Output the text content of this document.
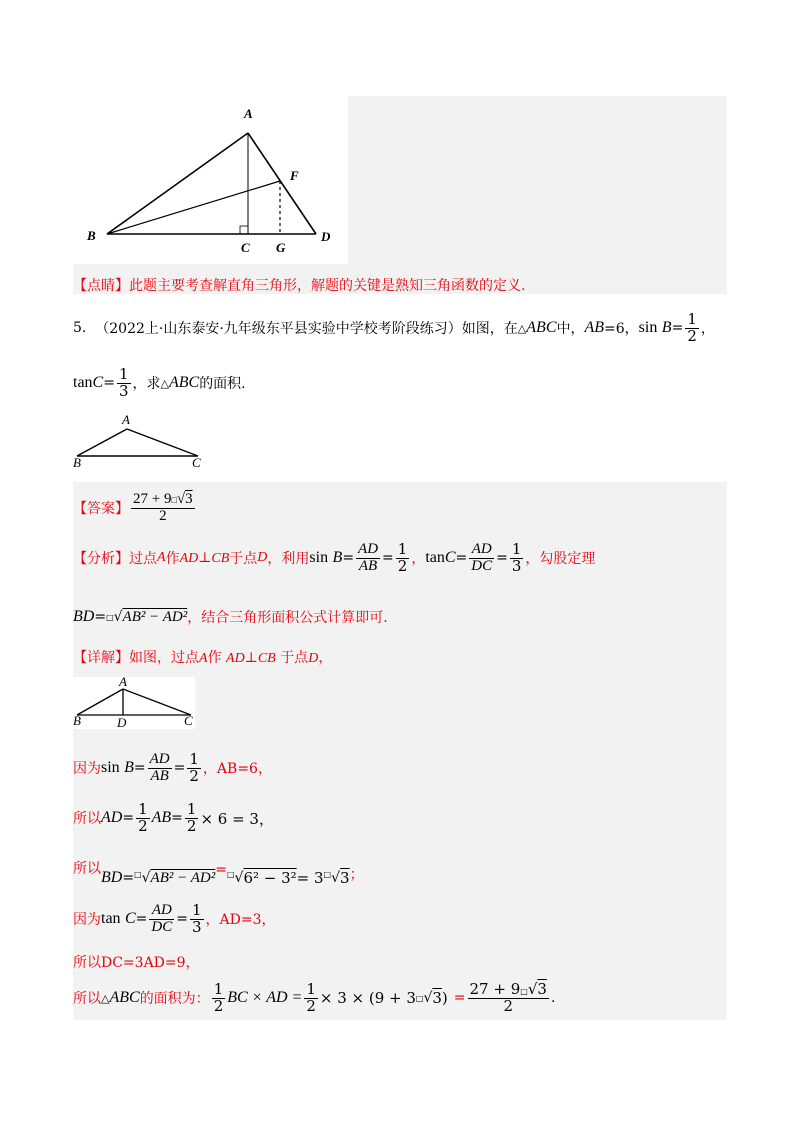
A
F
B
C G
D
【点睛】此题主要考查解直角三角形，解题的关键是熟知三角函数的定义.
5.
（2022上·山东泰安·九年级东平县实验中学校考阶段练习）如图，在 △ ABC 中， AB =6， sin
$B = \frac{1}{2}$ ，
$\tan C = \frac{1}{3}$ ，求 △ ABC 的面积.
A
B	C
【答案】 $\frac{27 + 9□√3}{2}$
【分析】 过点 A 作 AD⊥CB 于点 D ，利用 sin
$B = \frac{AD}{AB} = \frac{1}{2}$ ， $\tan C = \frac{AD}{DC} = \frac{1}{3}$ ，勾股定理
BD = □ √ AB² − AD² ，结合三角形面积公式计算即可.
【详解】如图，过点A作 AD⊥CB 于点D，
A
B	D	C
因为 sin
$B = \frac{AD}{AB} = \frac{1}{2}$ ，AB=6，
所以 AD = $\frac{1}{2}$ AB = $\frac{1}{2} \times 6 = 3$，
所以 BD = □ √ AB² − AD² = □ √ 6² − 3² = 3 □ √ 3 ；
因为 tan
$C = \frac{AD}{DC} = \frac{1}{3}$ ，AD=3，
所以DC=3AD=9，
所以 △ ABC 的面积为： $\frac{1}{2}$ BC × AD = $\frac{1}{2} \times 3 \times (9 + 3$ □ √ 3 ) = $\frac{27 + 9□√3}{2}$ .
